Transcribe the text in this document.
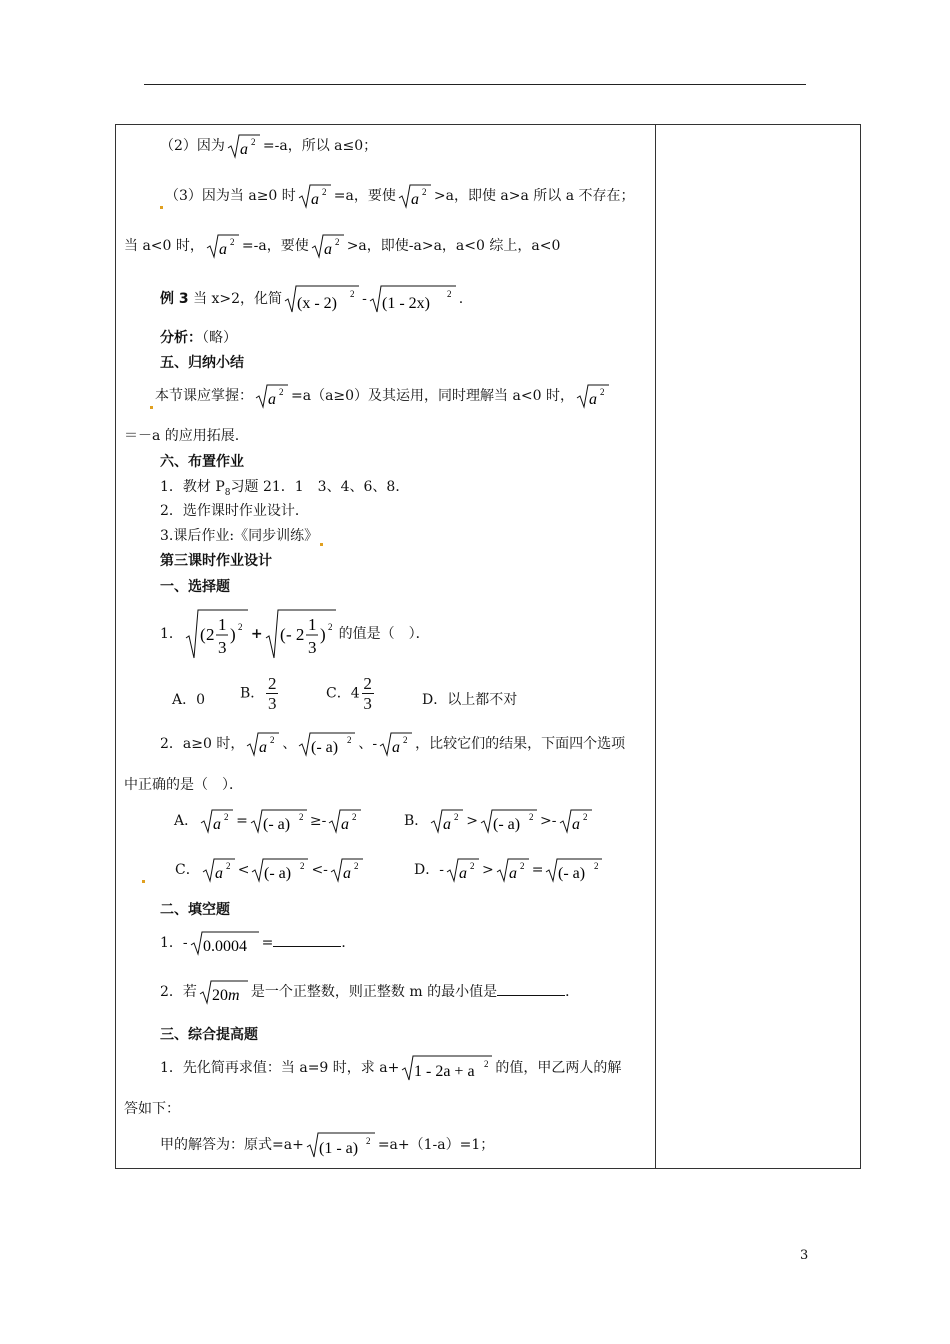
（2）因为 a 2 =-a，所以 a≤0；
（3）因为当 a≥0 时 a 2 =a，要使 a 2 >a，即使 a>a 所以 a 不存在；
当 a<0 时， a 2 =-a，要使 a 2 >a，即使-a>a，a<0 综上，a<0
例 3 当 x>2，化简 (x - 2)
2 - (1 - 2x)
2 .
分析：（略）
五、归纳小结
本节课应掌握： a 2 =a（a≥0）及其运用，同时理解当 a<0 时， a 2
＝－a 的应用拓展.
六、布置作业
1．教材 $P_8$习题 21．1　3、4、6、8．
2．选作课时作业设计．
3.课后作业:《同步训练》
第三课时作业设计
一、选择题
1． ( 2
1
3
) 2 + ( - 2
1
3
) 2 的值是（　）．
A．0 B． $\frac{2}{3}$	C．$4 \frac{2}{3}$	D．以上都不对
2．a≥0 时， a 2 、 (- a) 2 、- a 2 ，比较它们的结果，下面四个选项
中正确的是（　）．
A． a 2 = (- a) 2 ≥- a 2	B． a 2 > (- a) 2 >- a 2
C． a 2 < (- a) 2 <- a 2	D．- a 2 > a 2 = (- a) 2
二、填空题
1．- 0.0004 =	．
2．若 20m 是一个正整数，则正整数 m 的最小值是	．
三、综合提高题
1．先化简再求值：当 a=9 时，求 a+ 1 - 2a + a 2 的值，甲乙两人的解
答如下：
甲的解答为：原式=a+ (1 - a) 2 =a+（1-a）=1；
3
